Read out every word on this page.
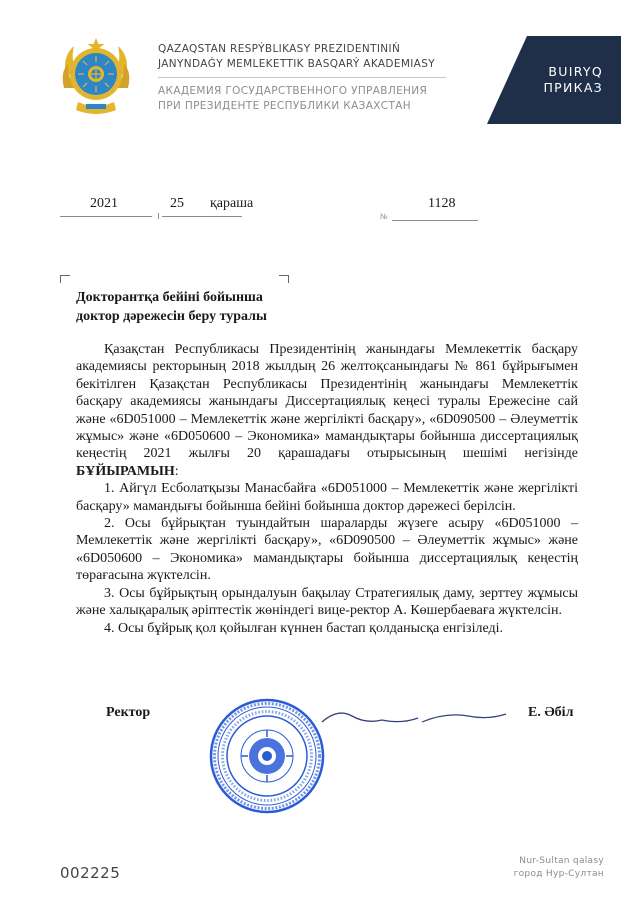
QAZAQSTAN RESPÝBLIKASY PREZIDENTINIŃ
JANYNDAǴY MEMLEKETTIK BASQARÝ AKADEMIASY
АКАДЕМИЯ ГОСУДАРСТВЕННОГО УПРАВЛЕНИЯ
ПРИ ПРЕЗИДЕНТЕ РЕСПУБЛИКИ КАЗАХСТАН
BUIRYQ
ПРИКАЗ
2021	25 қараша
№
1128
Докторантқа бейіні бойынша
доктор дәрежесін беру туралы

Қазақстан Республикасы Президентінің жанындағы Мемлекеттік басқару академиясы ректорының 2018 жылдың 26 желтоқсанындағы № 861 бұйрығымен бекітілген Қазақстан Республикасы Президентінің жанындағы Мемлекеттік басқару академиясы жанындағы Диссертациялық кеңесі туралы Ережесіне сай және «6D051000 – Мемлекеттік және жергілікті басқару», «6D090500 – Әлеуметтік жұмыс» және «6D050600 – Экономика» мамандықтары бойынша диссертациялық кеңестің 2021 жылғы 20 қарашадағы отырысының шешімі негізінде БҰЙЫРАМЫН:

1. Айгүл Есболатқызы Манасбайға «6D051000 – Мемлекеттік және жергілікті басқару» мамандығы бойынша бейіні бойынша доктор дәрежесі берілсін.

2. Осы бұйрықтан туындайтын шараларды жүзеге асыру «6D051000 – Мемлекеттік және жергілікті басқару», «6D090500 – Әлеуметтік жұмыс» және «6D050600 – Экономика» мамандықтары бойынша диссертациялық кеңестің төрағасына жүктелсін.

3. Осы бұйрықтың орындалуын бақылау Стратегиялық даму, зерттеу жұмысы және халықаралық әріптестік жөніндегі вице-ректор А. Көшербаеваға жүктелсін.

4. Осы бұйрық қол қойылған күннен бастап қолданысқа енгізіледі.

Ректор	Е. Әбіл
002225
Nur-Sultan qalasy
город Нур-Султан
